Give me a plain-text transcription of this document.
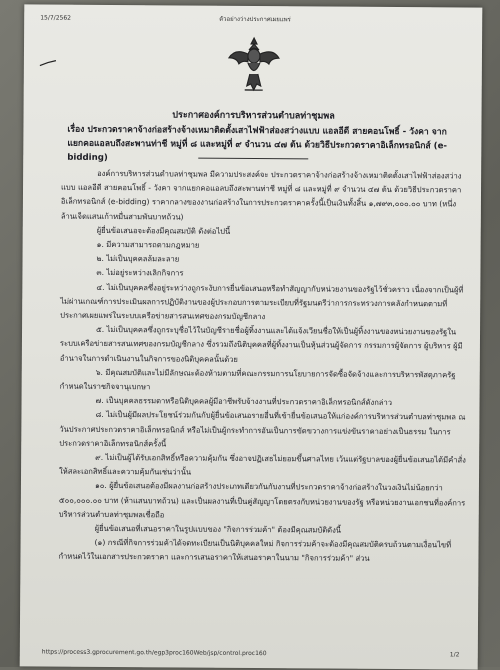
15/7/2562	ตัวอย่างว่างประกาศเผยแพร่
ประกาศองค์การบริหารส่วนตำบลท่าชุมพล
เรื่อง ประกวดราคาจ้างก่อสร้างจ้างเหมาติดตั้งเสาไฟฟ้าส่องสว่างแบบ แอลอีดี สายคอนโพธิ์ - วังคา จากแยกคอแอลบถึงสะพานท่าชี หมู่ที่ ๘ และหมู่ที่ ๙ จำนวน ๔๗ ต้น ด้วยวิธีประกวดราคาอิเล็กทรอนิกส์ (e-bidding)

องค์การบริหารส่วนตำบลท่าชุมพล มีความประสงค์จะ ประกวดราคาจ้างก่อสร้างจ้างเหมาติดตั้งเสาไฟฟ้าส่องสว่างแบบ แอลอีดี สายคอนโพธิ์ - วังคา จากแยกคอแอลบถึงสะพานท่าชี หมู่ที่ ๘ และหมู่ที่ ๙ จำนวน ๔๗ ต้น ด้วยวิธีประกวดราคาอิเล็กทรอนิกส์ (e-bidding) ราคากลางของงานก่อสร้างในการประกวดราคาครั้งนี้เป็นเงินทั้งสิ้น ๑,๗๙๓,๐๐๐.๐๐ บาท (หนึ่งล้านเจ็ดแสนเก้าหมื่นสามพันบาทถ้วน)

ผู้ยื่นข้อเสนอจะต้องมีคุณสมบัติ ดังต่อไปนี้

๑. มีความสามารถตามกฎหมาย

๒. ไม่เป็นบุคคลล้มละลาย

๓. ไม่อยู่ระหว่างเลิกกิจการ

๔. ไม่เป็นบุคคลซึ่งอยู่ระหว่างถูกระงับการยื่นข้อเสนอหรือทำสัญญากับหน่วยงานของรัฐไว้ชั่วคราว เนื่องจากเป็นผู้ที่ไม่ผ่านเกณฑ์การประเมินผลการปฏิบัติงานของผู้ประกอบการตามระเบียบที่รัฐมนตรีว่าการกระทรวงการคลังกำหนดตามที่ประกาศเผยแพร่ในระบบเครือข่ายสารสนเทศของกรมบัญชีกลาง

๕. ไม่เป็นบุคคลซึ่งถูกระบุชื่อไว้ในบัญชีรายชื่อผู้ทิ้งงานและได้แจ้งเวียนชื่อให้เป็นผู้ทิ้งงานของหน่วยงานของรัฐในระบบเครือข่ายสารสนเทศของกรมบัญชีกลาง ซึ่งรวมถึงนิติบุคคลที่ผู้ทิ้งงานเป็นหุ้นส่วนผู้จัดการ กรรมการผู้จัดการ ผู้บริหาร ผู้มีอำนาจในการดำเนินงานในกิจการของนิติบุคคลนั้นด้วย

๖. มีคุณสมบัติและไม่มีลักษณะต้องห้ามตามที่คณะกรรมการนโยบายการจัดซื้อจัดจ้างและการบริหารพัสดุภาครัฐกำหนดในราชกิจจานุเบกษา

๗. เป็นบุคคลธรรมดาหรือนิติบุคคลผู้มีอาชีพรับจ้างงานที่ประกวดราคาอิเล็กทรอนิกส์ดังกล่าว

๘. ไม่เป็นผู้มีผลประโยชน์ร่วมกันกับผู้ยื่นข้อเสนอรายอื่นที่เข้ายื่นข้อเสนอให้แก่องค์การบริหารส่วนตำบลท่าชุมพล ณ วันประกาศประกวดราคาอิเล็กทรอนิกส์ หรือไม่เป็นผู้กระทำการอันเป็นการขัดขวางการแข่งขันราคาอย่างเป็นธรรม ในการประกวดราคาอิเล็กทรอนิกส์ครั้งนี้

๙. ไม่เป็นผู้ได้รับเอกสิทธิ์หรือความคุ้มกัน ซึ่งอาจปฏิเสธไม่ยอมขึ้นศาลไทย เว้นแต่รัฐบาลของผู้ยื่นข้อเสนอได้มีคำสั่งให้สละเอกสิทธิ์และความคุ้มกันเช่นว่านั้น

๑๐. ผู้ยื่นข้อเสนอต้องมีผลงานก่อสร้างประเภทเดียวกันกับงานที่ประกวดราคาจ้างก่อสร้างในวงเงินไม่น้อยกว่า ๕๐๐,๐๐๐.๐๐ บาท (ห้าแสนบาทถ้วน) และเป็นผลงานที่เป็นคู่สัญญาโดยตรงกับหน่วยงานของรัฐ หรือหน่วยงานเอกชนที่องค์การบริหารส่วนตำบลท่าชุมพลเชื่อถือ

ผู้ยื่นข้อเสนอที่เสนอราคาในรูปแบบของ "กิจการร่วมค้า" ต้องมีคุณสมบัติดังนี้

(๑) กรณีที่กิจการร่วมค้าได้จดทะเบียนเป็นนิติบุคคลใหม่ กิจการร่วมค้าจะต้องมีคุณสมบัติครบถ้วนตามเงื่อนไขที่กำหนดไว้ในเอกสารประกวดราคา และการเสนอราคาให้เสนอราคาในนาม "กิจการร่วมค้า" ส่วน

https://process3.gprocurement.go.th/egp3proc160Web/jsp/control.proc160	1/2
